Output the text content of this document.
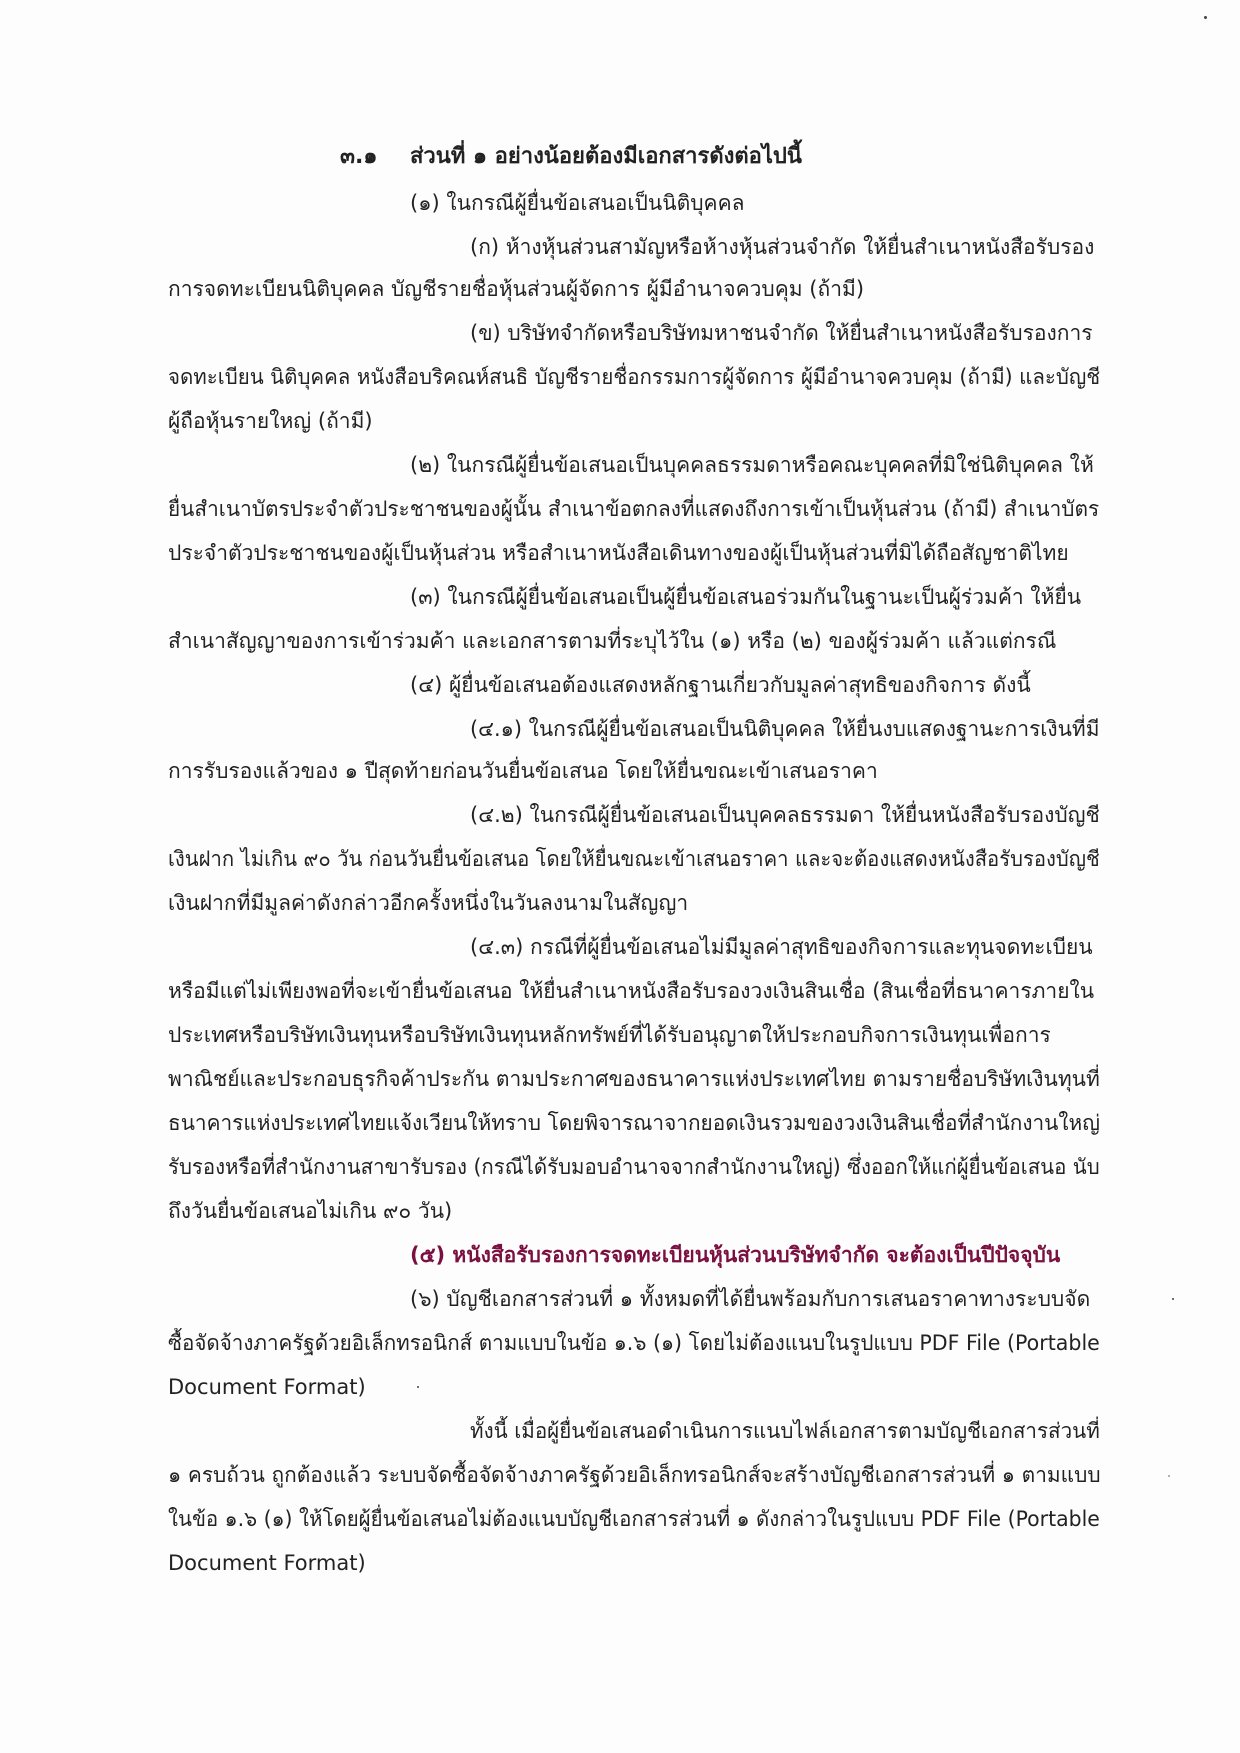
๓.๑ ส่วนที่ ๑ อย่างน้อยต้องมีเอกสารดังต่อไปนี้
(๑) ในกรณีผู้ยื่นข้อเสนอเป็นนิติบุคคล
(ก) ห้างหุ้นส่วนสามัญหรือห้างหุ้นส่วนจำกัด ให้ยื่นสำเนาหนังสือรับรอง
การจดทะเบียนนิติบุคคล บัญชีรายชื่อหุ้นส่วนผู้จัดการ ผู้มีอำนาจควบคุม (ถ้ามี)
(ข) บริษัทจำกัดหรือบริษัทมหาชนจำกัด ให้ยื่นสำเนาหนังสือรับรองการ
จดทะเบียน นิติบุคคล หนังสือบริคณห์สนธิ บัญชีรายชื่อกรรมการผู้จัดการ ผู้มีอำนาจควบคุม (ถ้ามี) และบัญชี
ผู้ถือหุ้นรายใหญ่ (ถ้ามี)
(๒) ในกรณีผู้ยื่นข้อเสนอเป็นบุคคลธรรมดาหรือคณะบุคคลที่มิใช่นิติบุคคล ให้
ยื่นสำเนาบัตรประจำตัวประชาชนของผู้นั้น สำเนาข้อตกลงที่แสดงถึงการเข้าเป็นหุ้นส่วน (ถ้ามี) สำเนาบัตร
ประจำตัวประชาชนของผู้เป็นหุ้นส่วน หรือสำเนาหนังสือเดินทางของผู้เป็นหุ้นส่วนที่มิได้ถือสัญชาติไทย
(๓) ในกรณีผู้ยื่นข้อเสนอเป็นผู้ยื่นข้อเสนอร่วมกันในฐานะเป็นผู้ร่วมค้า ให้ยื่น
สำเนาสัญญาของการเข้าร่วมค้า และเอกสารตามที่ระบุไว้ใน (๑) หรือ (๒) ของผู้ร่วมค้า แล้วแต่กรณี
(๔) ผู้ยื่นข้อเสนอต้องแสดงหลักฐานเกี่ยวกับมูลค่าสุทธิของกิจการ ดังนี้
(๔.๑) ในกรณีผู้ยื่นข้อเสนอเป็นนิติบุคคล ให้ยื่นงบแสดงฐานะการเงินที่มี
การรับรองแล้วของ ๑ ปีสุดท้ายก่อนวันยื่นข้อเสนอ โดยให้ยื่นขณะเข้าเสนอราคา
(๔.๒) ในกรณีผู้ยื่นข้อเสนอเป็นบุคคลธรรมดา ให้ยื่นหนังสือรับรองบัญชี
เงินฝาก ไม่เกิน ๙๐ วัน ก่อนวันยื่นข้อเสนอ โดยให้ยื่นขณะเข้าเสนอราคา และจะต้องแสดงหนังสือรับรองบัญชี
เงินฝากที่มีมูลค่าดังกล่าวอีกครั้งหนึ่งในวันลงนามในสัญญา
(๔.๓) กรณีที่ผู้ยื่นข้อเสนอไม่มีมูลค่าสุทธิของกิจการและทุนจดทะเบียน
หรือมีแต่ไม่เพียงพอที่จะเข้ายื่นข้อเสนอ ให้ยื่นสำเนาหนังสือรับรองวงเงินสินเชื่อ (สินเชื่อที่ธนาคารภายใน
ประเทศหรือบริษัทเงินทุนหรือบริษัทเงินทุนหลักทรัพย์ที่ได้รับอนุญาตให้ประกอบกิจการเงินทุนเพื่อการ
พาณิชย์และประกอบธุรกิจค้าประกัน ตามประกาศของธนาคารแห่งประเทศไทย ตามรายชื่อบริษัทเงินทุนที่
ธนาคารแห่งประเทศไทยแจ้งเวียนให้ทราบ โดยพิจารณาจากยอดเงินรวมของวงเงินสินเชื่อที่สำนักงานใหญ่
รับรองหรือที่สำนักงานสาขารับรอง (กรณีได้รับมอบอำนาจจากสำนักงานใหญ่) ซึ่งออกให้แก่ผู้ยื่นข้อเสนอ นับ
ถึงวันยื่นข้อเสนอไม่เกิน ๙๐ วัน)
(๕) หนังสือรับรองการจดทะเบียนหุ้นส่วนบริษัทจำกัด จะต้องเป็นปีปัจจุบัน
(๖) บัญชีเอกสารส่วนที่ ๑ ทั้งหมดที่ได้ยื่นพร้อมกับการเสนอราคาทางระบบจัด
ซื้อจัดจ้างภาครัฐด้วยอิเล็กทรอนิกส์ ตามแบบในข้อ ๑.๖ (๑) โดยไม่ต้องแนบในรูปแบบ PDF File (Portable
Document Format)
ทั้งนี้ เมื่อผู้ยื่นข้อเสนอดำเนินการแนบไฟล์เอกสารตามบัญชีเอกสารส่วนที่
๑ ครบถ้วน ถูกต้องแล้ว ระบบจัดซื้อจัดจ้างภาครัฐด้วยอิเล็กทรอนิกส์จะสร้างบัญชีเอกสารส่วนที่ ๑ ตามแบบ
ในข้อ ๑.๖ (๑) ให้โดยผู้ยื่นข้อเสนอไม่ต้องแนบบัญชีเอกสารส่วนที่ ๑ ดังกล่าวในรูปแบบ PDF File (Portable
Document Format)
